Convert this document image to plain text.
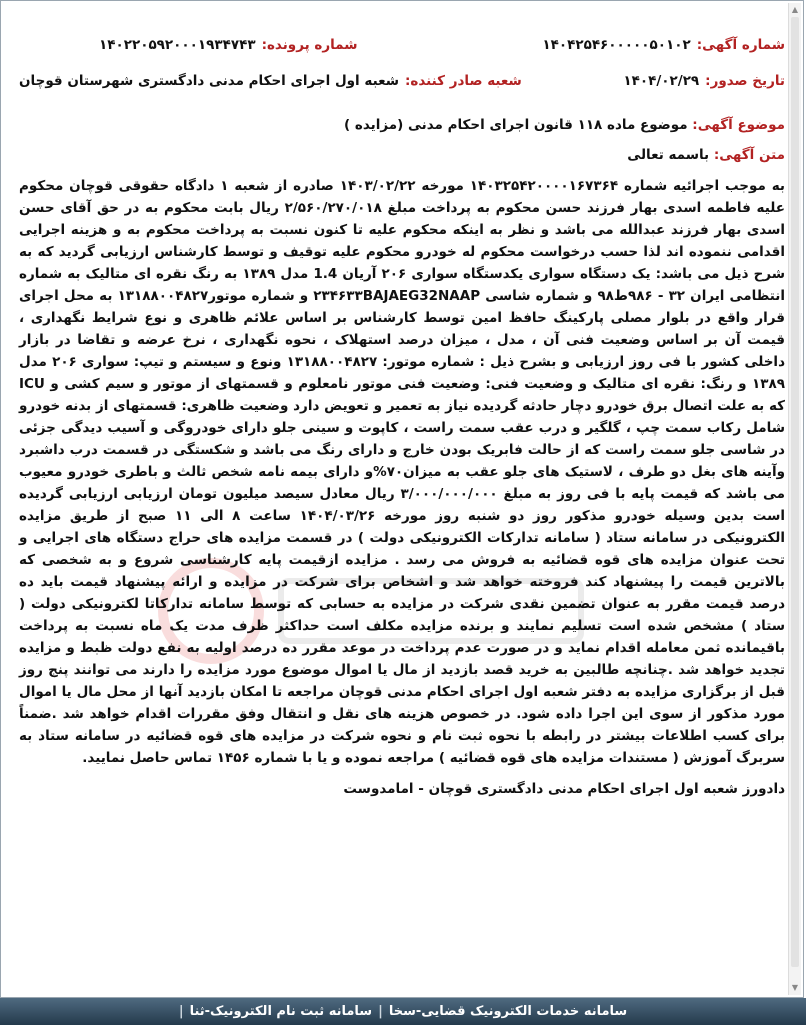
▲
▼
شماره آگهی:
۱۴۰۴۲۵۴۶۰۰۰۰۰۵۰۱۰۲
شماره پرونده:
۱۴۰۲۲۰۵۹۲۰۰۰۱۹۳۴۷۴۳
تاریخ صدور:
۱۴۰۴/۰۲/۲۹
شعبه صادر کننده:
شعبه اول اجرای احکام مدنی دادگستری شهرستان قوچان
موضوع آگهی: موضوع ماده ۱۱۸ قانون اجرای احکام مدنی (مزایده )
متن آگهی: باسمه تعالی
به موجب اجرائیه شماره ۱۴۰۳۲۵۴۲۰۰۰۰۱۶۷۳۶۴ مورخه ۱۴۰۳/۰۲/۲۲ صادره از شعبه ۱ دادگاه حقوقی قوچان محکوم علیه فاطمه اسدی بهار فرزند حسن محکوم به پرداخت مبلغ ۲/۵۶۰/۲۷۰/۰۱۸ ریال بابت محکوم به در حق آقای حسن اسدی بهار فرزند عبدالله می باشد و نظر به اینکه محکوم علیه تا کنون نسبت به پرداخت محکوم به و هزینه اجرایی اقدامی ننموده اند لذا حسب درخواست محکوم له خودرو محکوم علیه توقیف و توسط کارشناس ارزیابی گردید که به شرح ذیل می باشد: یک دستگاه سواری یکدستگاه سواری ۲۰۶ آریان 1.4 مدل ۱۳۸۹ به رنگ نقره ای متالیک به شماره انتظامی ایران ۳۲ - ۹۸۶ط۹۸ و شماره شاسی ۲۳۴۶۳۳BAJAEG32NAAP و شماره موتور۱۳۱۸۸۰۰۴۸۲۷ به محل اجرای قرار واقع در بلوار مصلی پارکینگ حافظ امین توسط کارشناس بر اساس علائم ظاهری و نوع شرایط نگهداری ، قیمت آن بر اساس وضعیت فنی آن ، مدل ، میزان درصد استهلاک ، نحوه نگهداری ، نرخ عرضه و تقاضا در بازار داخلی کشور با فی روز ارزیابی و بشرح ذیل : شماره موتور: ۱۳۱۸۸۰۰۴۸۲۷ ونوع و سیستم و تیپ: سواری ۲۰۶ مدل ۱۳۸۹ و رنگ: نقره ای متالیک و وضعیت فنی: وضعیت فنی موتور نامعلوم و قسمتهای از موتور و سیم کشی و ICU که به علت اتصال برق خودرو دچار حادثه گردیده نیاز به تعمیر و تعویض دارد وضعیت ظاهری: قسمتهای از بدنه خودرو شامل رکاب سمت چپ ، گلگیر و درب عقب سمت راست ، کاپوت و سینی جلو دارای خودروگی و آسیب دیدگی جزئی در شاسی جلو سمت راست که از حالت فابریک بودن خارج و دارای رنگ می باشد و شکستگی در قسمت درب داشبرد وآینه های بغل دو طرف ، لاستیک های جلو عقب به میزان۷۰%و دارای بیمه نامه شخص ثالث و باطری خودرو معیوب می باشد که قیمت پایه با فی روز به مبلغ ۳/۰۰۰/۰۰۰/۰۰۰ ریال معادل سیصد میلیون تومان ارزیابی ارزیابی گردیده است بدین وسیله خودرو مذکور روز دو شنبه روز مورخه ۱۴۰۴/۰۳/۲۶ ساعت ۸ الی ۱۱ صبح از طریق مزایده الکترونیکی در سامانه ستاد ( سامانه تدارکات الکترونیکی دولت ) در قسمت مزایده های حراج دستگاه های اجرایی و تحت عنوان مزایده های قوه قضائیه به فروش می رسد . مزایده ازقیمت پایه کارشناسی شروع و به شخصی که بالاترین قیمت را پیشنهاد کند فروخته خواهد شد و اشخاص برای شرکت در مزایده و ارائه پیشنهاد قیمت باید ده درصد قیمت مقرر به عنوان تضمین نقدی شرکت در مزایده به حسابی که توسط سامانه تدارکاتا لکترونیکی دولت ( ستاد ) مشخص شده است تسلیم نمایند و برنده مزایده مکلف است حداکثر ظرف مدت یک ماه نسبت به پرداخت باقیمانده ثمن معامله اقدام نماید و در صورت عدم پرداخت در موعد مقرر ده درصد اولیه به نفع دولت ظبط و مزایده تجدید خواهد شد .چنانچه طالبین به خرید قصد بازدید از مال یا اموال موضوع مورد مزایده را دارند می توانند پنج روز قبل از برگزاری مزایده به دفتر شعبه اول اجرای احکام مدنی قوچان مراجعه تا امکان بازدید آنها از محل مال یا اموال مورد مذکور از سوی این اجرا داده شود. در خصوص هزینه های نقل و انتقال وفق مقررات اقدام خواهد شد .ضمناً برای کسب اطلاعات بیشتر در رابطه با نحوه ثبت نام و نحوه شرکت در مزایده های قوه قضائیه در سامانه ستاد به سربرگ آموزش ( مستندات مزایده های قوه قضائیه ) مراجعه نموده و یا با شماره ۱۴۵۶ تماس حاصل نمایید.
دادورز شعبه اول اجرای احکام مدنی دادگستری قوچان - امامدوست
سامانه خدمات الکترونیک قضایی-سخا
|
سامانه ثبت نام الکترونیک-ثنا
|
